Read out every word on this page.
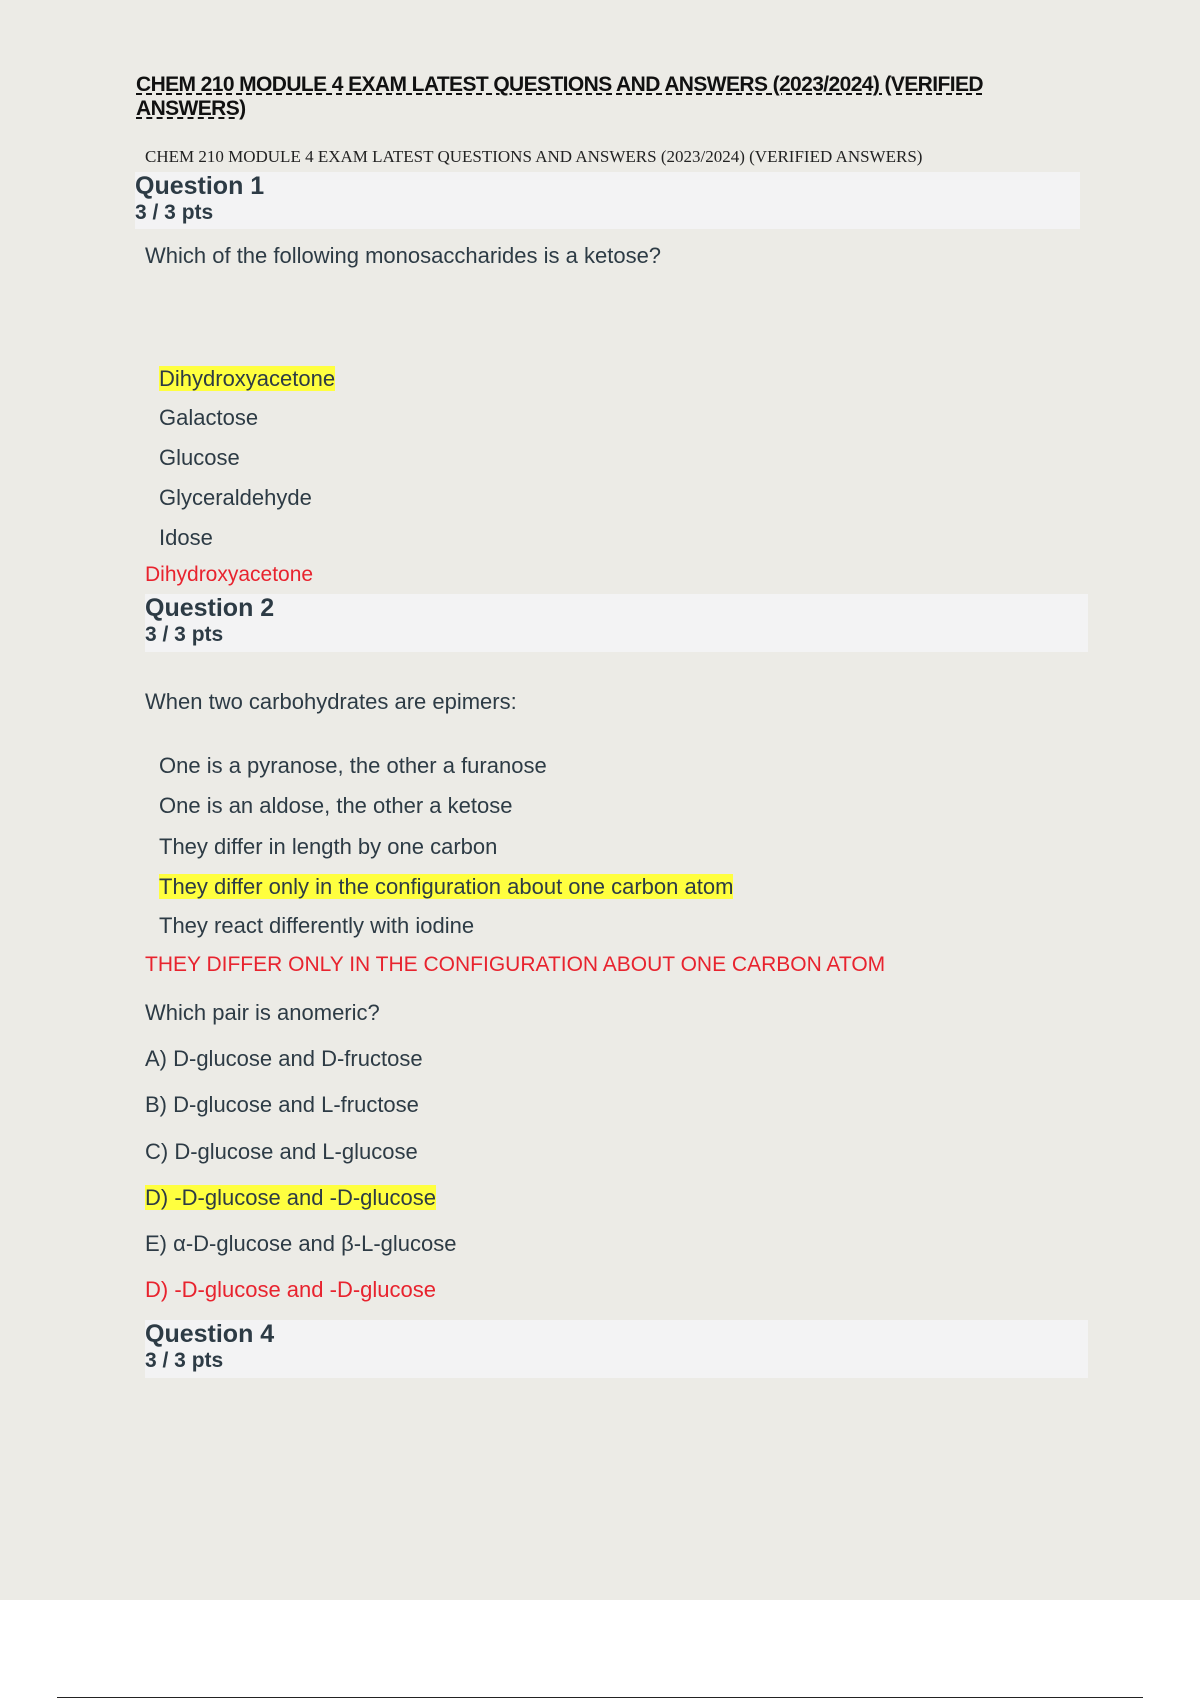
CHEM 210 MODULE 4 EXAM LATEST QUESTIONS AND ANSWERS (2023/2024) (VERIFIED ANSWERS)
CHEM 210 MODULE 4 EXAM LATEST QUESTIONS AND ANSWERS (2023/2024) (VERIFIED ANSWERS)
Question 1
3 / 3 pts
Which of the following monosaccharides is a ketose?
Dihydroxyacetone
Galactose
Glucose
Glyceraldehyde
Idose
Dihydroxyacetone
Question 2
3 / 3 pts
When two carbohydrates are epimers:
One is a pyranose, the other a furanose
One is an aldose, the other a ketose
They differ in length by one carbon
They differ only in the configuration about one carbon atom
They react differently with iodine
THEY DIFFER ONLY IN THE CONFIGURATION ABOUT ONE CARBON ATOM
Which pair is anomeric?
A) D-glucose and D-fructose
B) D-glucose and L-fructose
C) D-glucose and L-glucose
D) -D-glucose and -D-glucose
E) α-D-glucose and β-L-glucose
D) -D-glucose and -D-glucose
Question 4
3 / 3 pts
